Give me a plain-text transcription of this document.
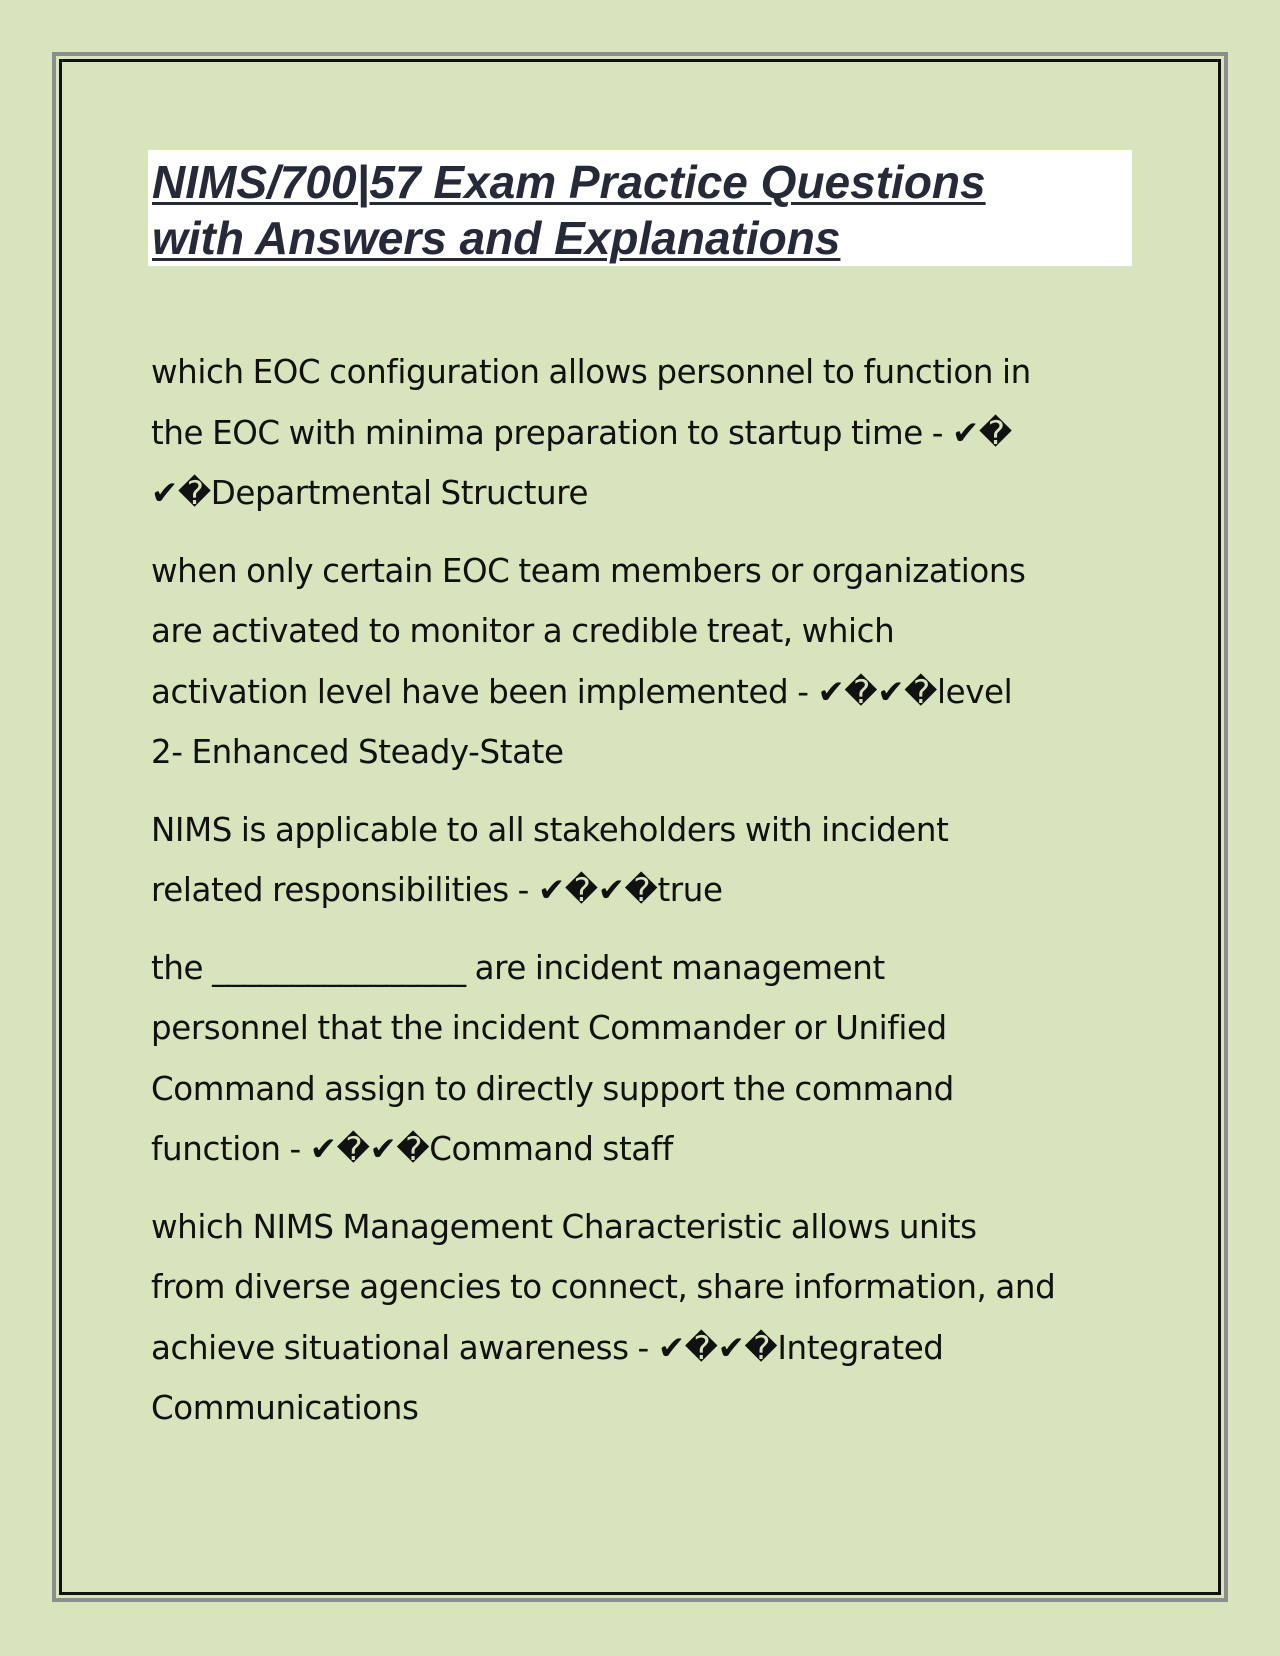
NIMS/700|57 Exam Practice Questions
with Answers and Explanations
which EOC configuration allows personnel to function in
the EOC with minima preparation to startup time - ✔�
✔�Departmental Structure
when only certain EOC team members or organizations
are activated to monitor a credible treat, which
activation level have been implemented - ✔�✔�level
2- Enhanced Steady-State
NIMS is applicable to all stakeholders with incident
related responsibilities - ✔�✔�true
the ________________ are incident management
personnel that the incident Commander or Unified
Command assign to directly support the command
function - ✔�✔�Command staff
which NIMS Management Characteristic allows units
from diverse agencies to connect, share information, and
achieve situational awareness - ✔�✔�Integrated
Communications
